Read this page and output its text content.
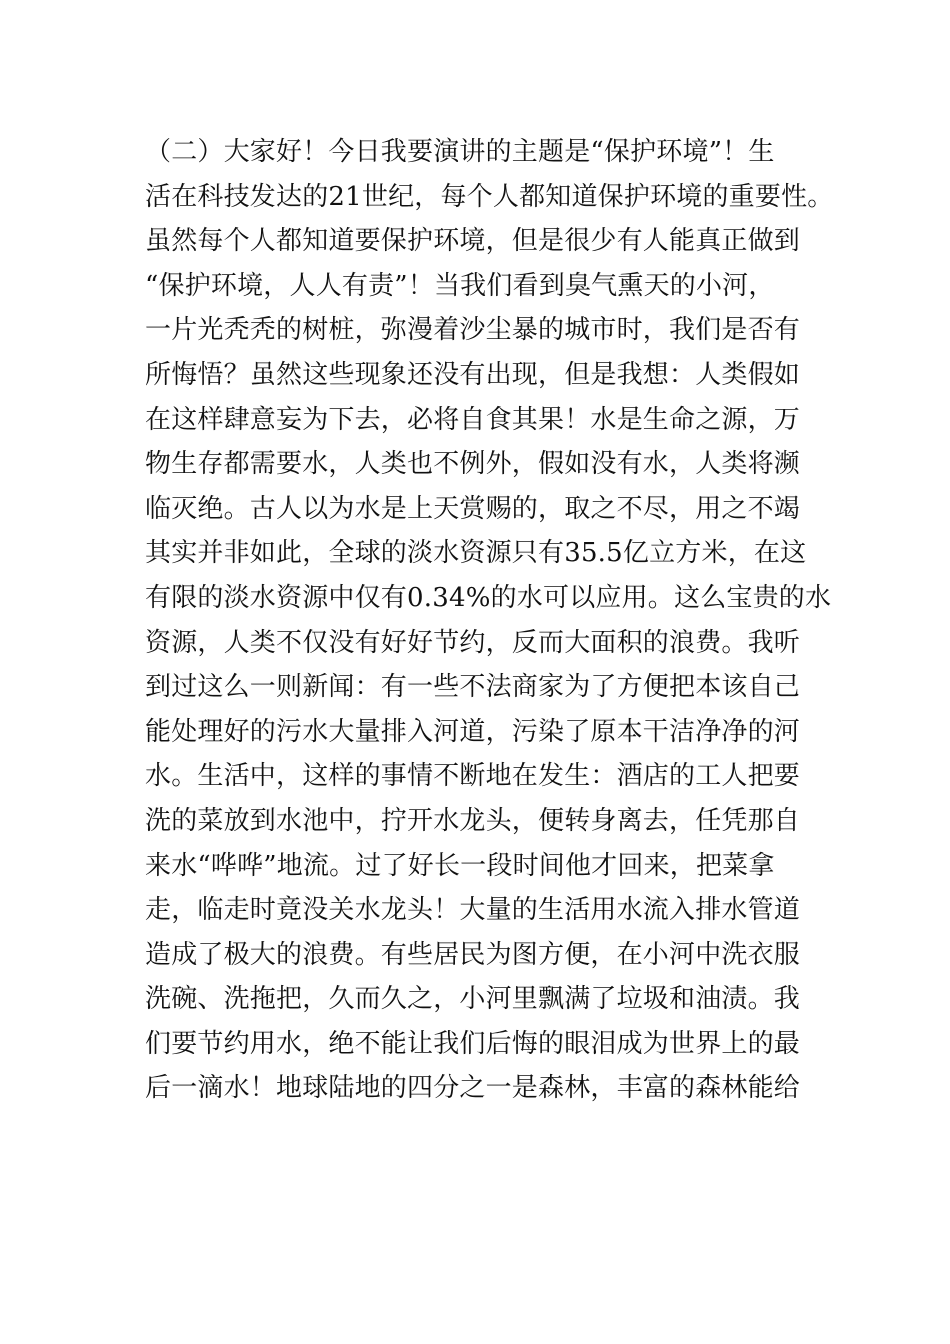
（二）大家好！今日我要演讲的主题是“保护环境”！生
活在科技发达的21世纪，每个人都知道保护环境的重要性。
虽然每个人都知道要保护环境，但是很少有人能真正做到
“保护环境，人人有责”！当我们看到臭气熏天的小河，
一片光秃秃的树桩，弥漫着沙尘暴的城市时，我们是否有
所悔悟？虽然这些现象还没有出现，但是我想：人类假如
在这样肆意妄为下去，必将自食其果！水是生命之源，万
物生存都需要水，人类也不例外，假如没有水，人类将濒
临灭绝。古人以为水是上天赏赐的，取之不尽，用之不竭
其实并非如此，全球的淡水资源只有35.5亿立方米，在这
有限的淡水资源中仅有0.34%的水可以应用。这么宝贵的水
资源，人类不仅没有好好节约，反而大面积的浪费。我听
到过这么一则新闻：有一些不法商家为了方便把本该自己
能处理好的污水大量排入河道，污染了原本干洁净净的河
水。生活中，这样的事情不断地在发生：酒店的工人把要
洗的菜放到水池中，拧开水龙头，便转身离去，任凭那自
来水“哗哗”地流。过了好长一段时间他才回来，把菜拿
走，临走时竟没关水龙头！大量的生活用水流入排水管道
造成了极大的浪费。有些居民为图方便，在小河中洗衣服
洗碗、洗拖把，久而久之，小河里飘满了垃圾和油渍。我
们要节约用水，绝不能让我们后悔的眼泪成为世界上的最
后一滴水！地球陆地的四分之一是森林，丰富的森林能给
